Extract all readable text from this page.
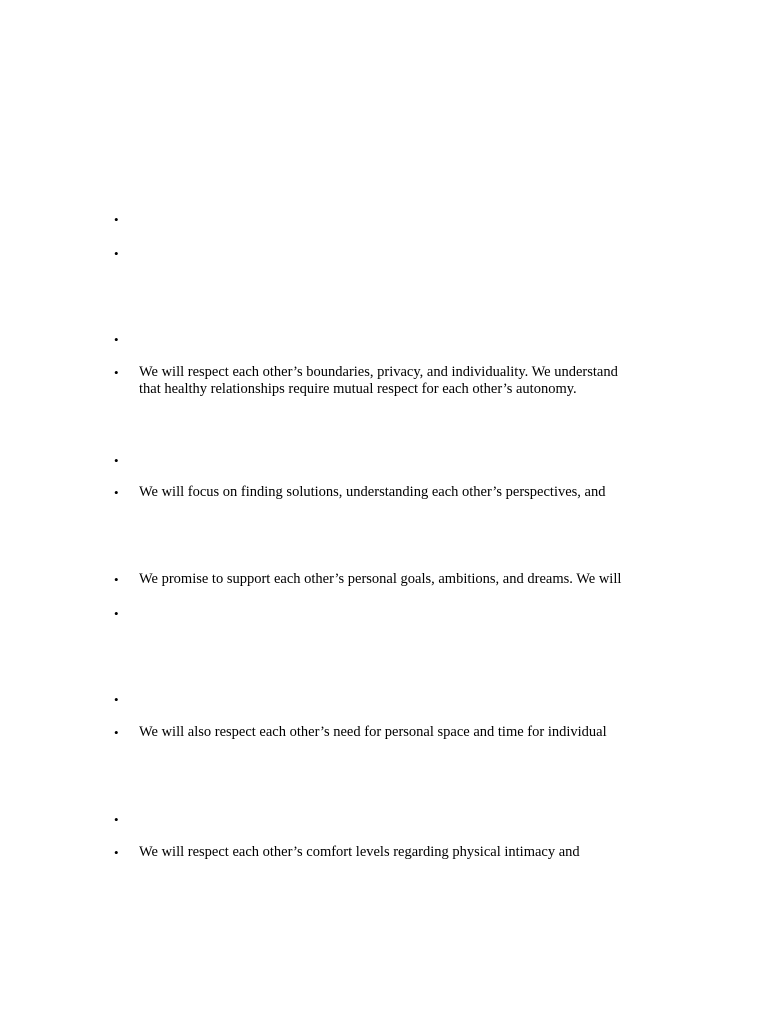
•
•
•
•	We will respect each other’s boundaries, privacy, and individuality. We understand
that healthy relationships require mutual respect for each other’s autonomy.
•
•	We will focus on finding solutions, understanding each other’s perspectives, and
•	We promise to support each other’s personal goals, ambitions, and dreams. We will
•
•
•	We will also respect each other’s need for personal space and time for individual
•
•	We will respect each other’s comfort levels regarding physical intimacy and
